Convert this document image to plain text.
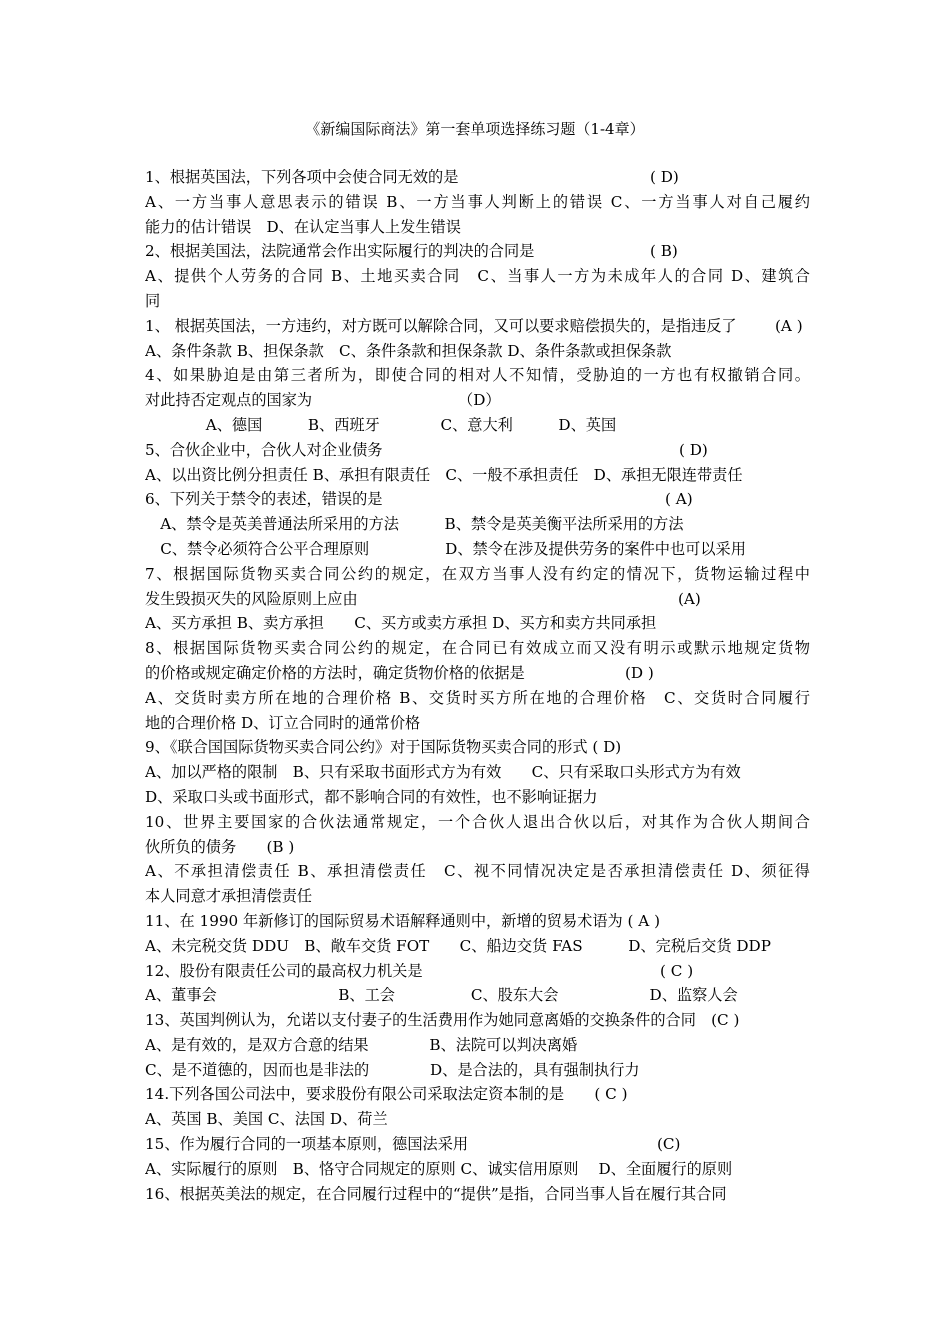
《新编国际商法》第一套单项选择练习题（1-4章）
1、根据英国法，下列各项中会使合同无效的是	( D)
A、一方当事人意思表示的错误 B、一方当事人判断上的错误 C、一方当事人对自己履约
能力的估计错误　D、在认定当事人上发生错误
2、根据美国法，法院通常会作出实际履行的判决的合同是	( B)
A、提供个人劳务的合同 B、土地买卖合同　C、当事人一方为未成年人的合同 D、建筑合
同
1、 根据英国法，一方违约，对方既可以解除合同，又可以要求赔偿损失的，是指违反了	(A )
A、条件条款 B、担保条款　C、条件条款和担保条款 D、条件条款或担保条款
4、如果胁迫是由第三者所为，即使合同的相对人不知情，受胁迫的一方也有权撤销合同。
对此持否定观点的国家为	（D）
　　　　A、德国　　　B、西班牙　　　　C、意大利　　　D、英国
5、合伙企业中，合伙人对企业债务	( D)
A、以出资比例分担责任 B、承担有限责任　C、一般不承担责任　D、承担无限连带责任
6、下列关于禁令的表述，错误的是	( A)
　A、禁令是英美普通法所采用的方法　　　B、禁令是英美衡平法所采用的方法
　C、禁令必须符合公平合理原则　　　　　D、禁令在涉及提供劳务的案件中也可以采用
7、根据国际货物买卖合同公约的规定，在双方当事人没有约定的情况下，货物运输过程中
发生毁损灭失的风险原则上应由	(A)
A、买方承担 B、卖方承担　　C、买方或卖方承担 D、买方和卖方共同承担
8、根据国际货物买卖合同公约的规定，在合同已有效成立而又没有明示或默示地规定货物
的价格或规定确定价格的方法时，确定货物价格的依据是	(D )
A、交货时卖方所在地的合理价格 B、交货时买方所在地的合理价格　C、交货时合同履行
地的合理价格 D、订立合同时的通常价格
9、《联合国国际货物买卖合同公约》对于国际货物买卖合同的形式 ( D)
A、加以严格的限制　B、只有采取书面形式方为有效　　C、只有采取口头形式方为有效
D、采取口头或书面形式，都不影响合同的有效性，也不影响证据力
10、世界主要国家的合伙法通常规定，一个合伙人退出合伙以后，对其作为合伙人期间合
伙所负的债务　　(B )
A、不承担清偿责任 B、承担清偿责任　C、视不同情况决定是否承担清偿责任 D、须征得
本人同意才承担清偿责任
11、在 1990 年新修订的国际贸易术语解释通则中，新增的贸易术语为 ( A )
A、未完税交货 DDU　B、敞车交货 FOT　　C、船边交货 FAS　　　D、完税后交货 DDP
12、股份有限责任公司的最高权力机关是	( C )
A、董事会　　　　　　　　B、工会　　　　　C、股东大会　　　　　　D、监察人会
13、英国判例认为，允诺以支付妻子的生活费用作为她同意离婚的交换条件的合同　(C )
A、是有效的，是双方合意的结果　　　　B、法院可以判决离婚
C、是不道德的，因而也是非法的　　　　D、是合法的，具有强制执行力
14.下列各国公司法中，要求股份有限公司采取法定资本制的是　　( C )
A、英国 B、美国 C、法国 D、荷兰
15、作为履行合同的一项基本原则，德国法采用	(C)
A、实际履行的原则　B、恪守合同规定的原则 C、诚实信用原则　 D、全面履行的原则
16、根据英美法的规定，在合同履行过程中的“提供”是指，合同当事人旨在履行其合同
